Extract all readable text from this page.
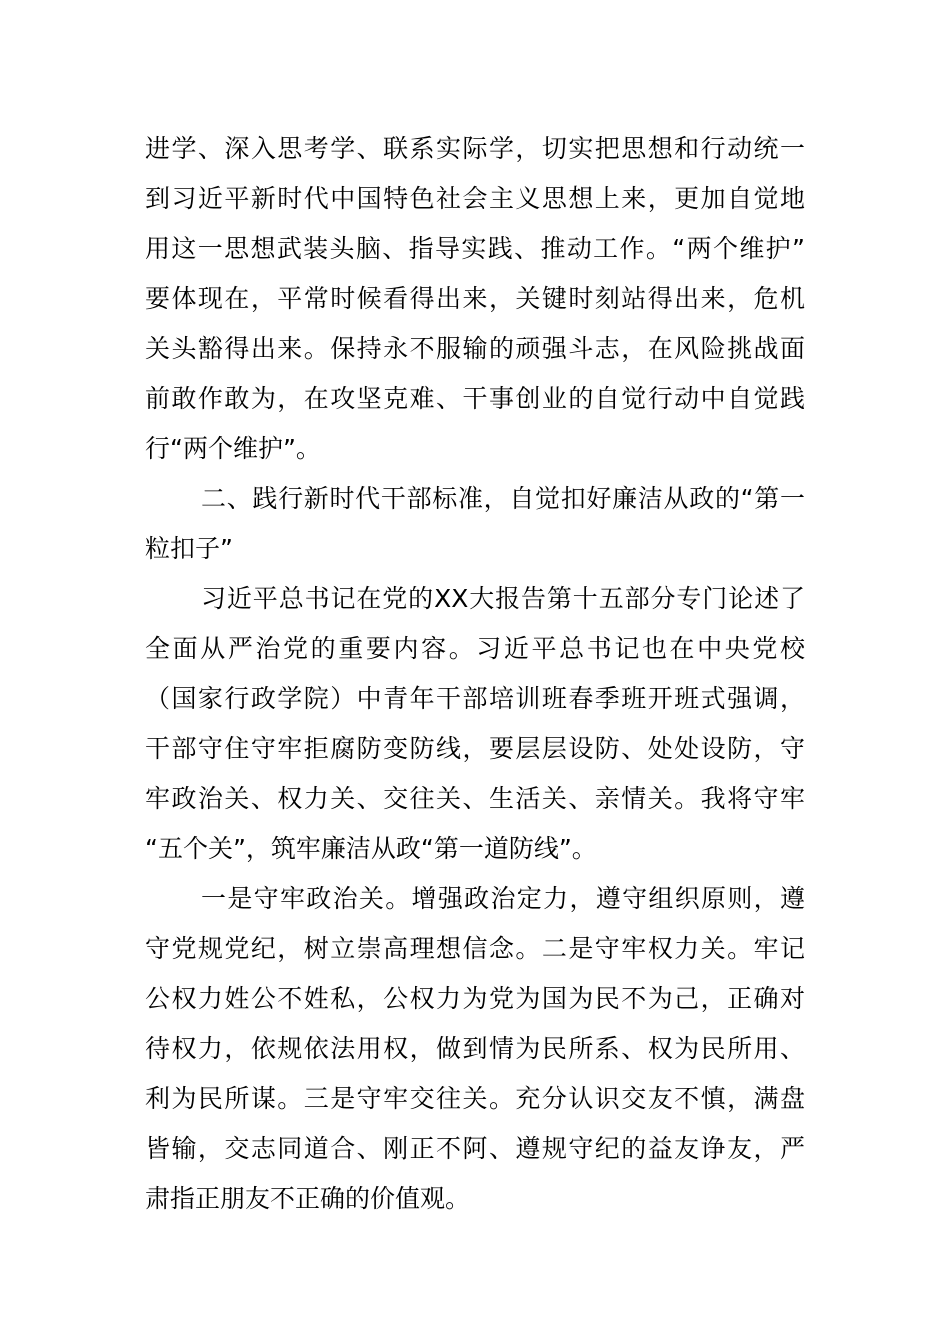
进学、深入思考学、联系实际学，切实把思想和行动统一
到习近平新时代中国特色社会主义思想上来，更加自觉地
用这一思想武装头脑、指导实践、推动工作。“两个维护”
要体现在，平常时候看得出来，关键时刻站得出来，危机
关头豁得出来。保持永不服输的顽强斗志，在风险挑战面
前敢作敢为，在攻坚克难、干事创业的自觉行动中自觉践
行“两个维护”。
二、践行新时代干部标准，自觉扣好廉洁从政的“第一
粒扣子”
习近平总书记在党的XX大报告第十五部分专门论述了
全面从严治党的重要内容。习近平总书记也在中央党校
（国家行政学院）中青年干部培训班春季班开班式强调，
干部守住守牢拒腐防变防线，要层层设防、处处设防，守
牢政治关、权力关、交往关、生活关、亲情关。我将守牢
“五个关”，筑牢廉洁从政“第一道防线”。
一是守牢政治关。增强政治定力，遵守组织原则，遵
守党规党纪，树立崇高理想信念。二是守牢权力关。牢记
公权力姓公不姓私，公权力为党为国为民不为己，正确对
待权力，依规依法用权，做到情为民所系、权为民所用、
利为民所谋。三是守牢交往关。充分认识交友不慎，满盘
皆输，交志同道合、刚正不阿、遵规守纪的益友诤友，严
肃指正朋友不正确的价值观。
